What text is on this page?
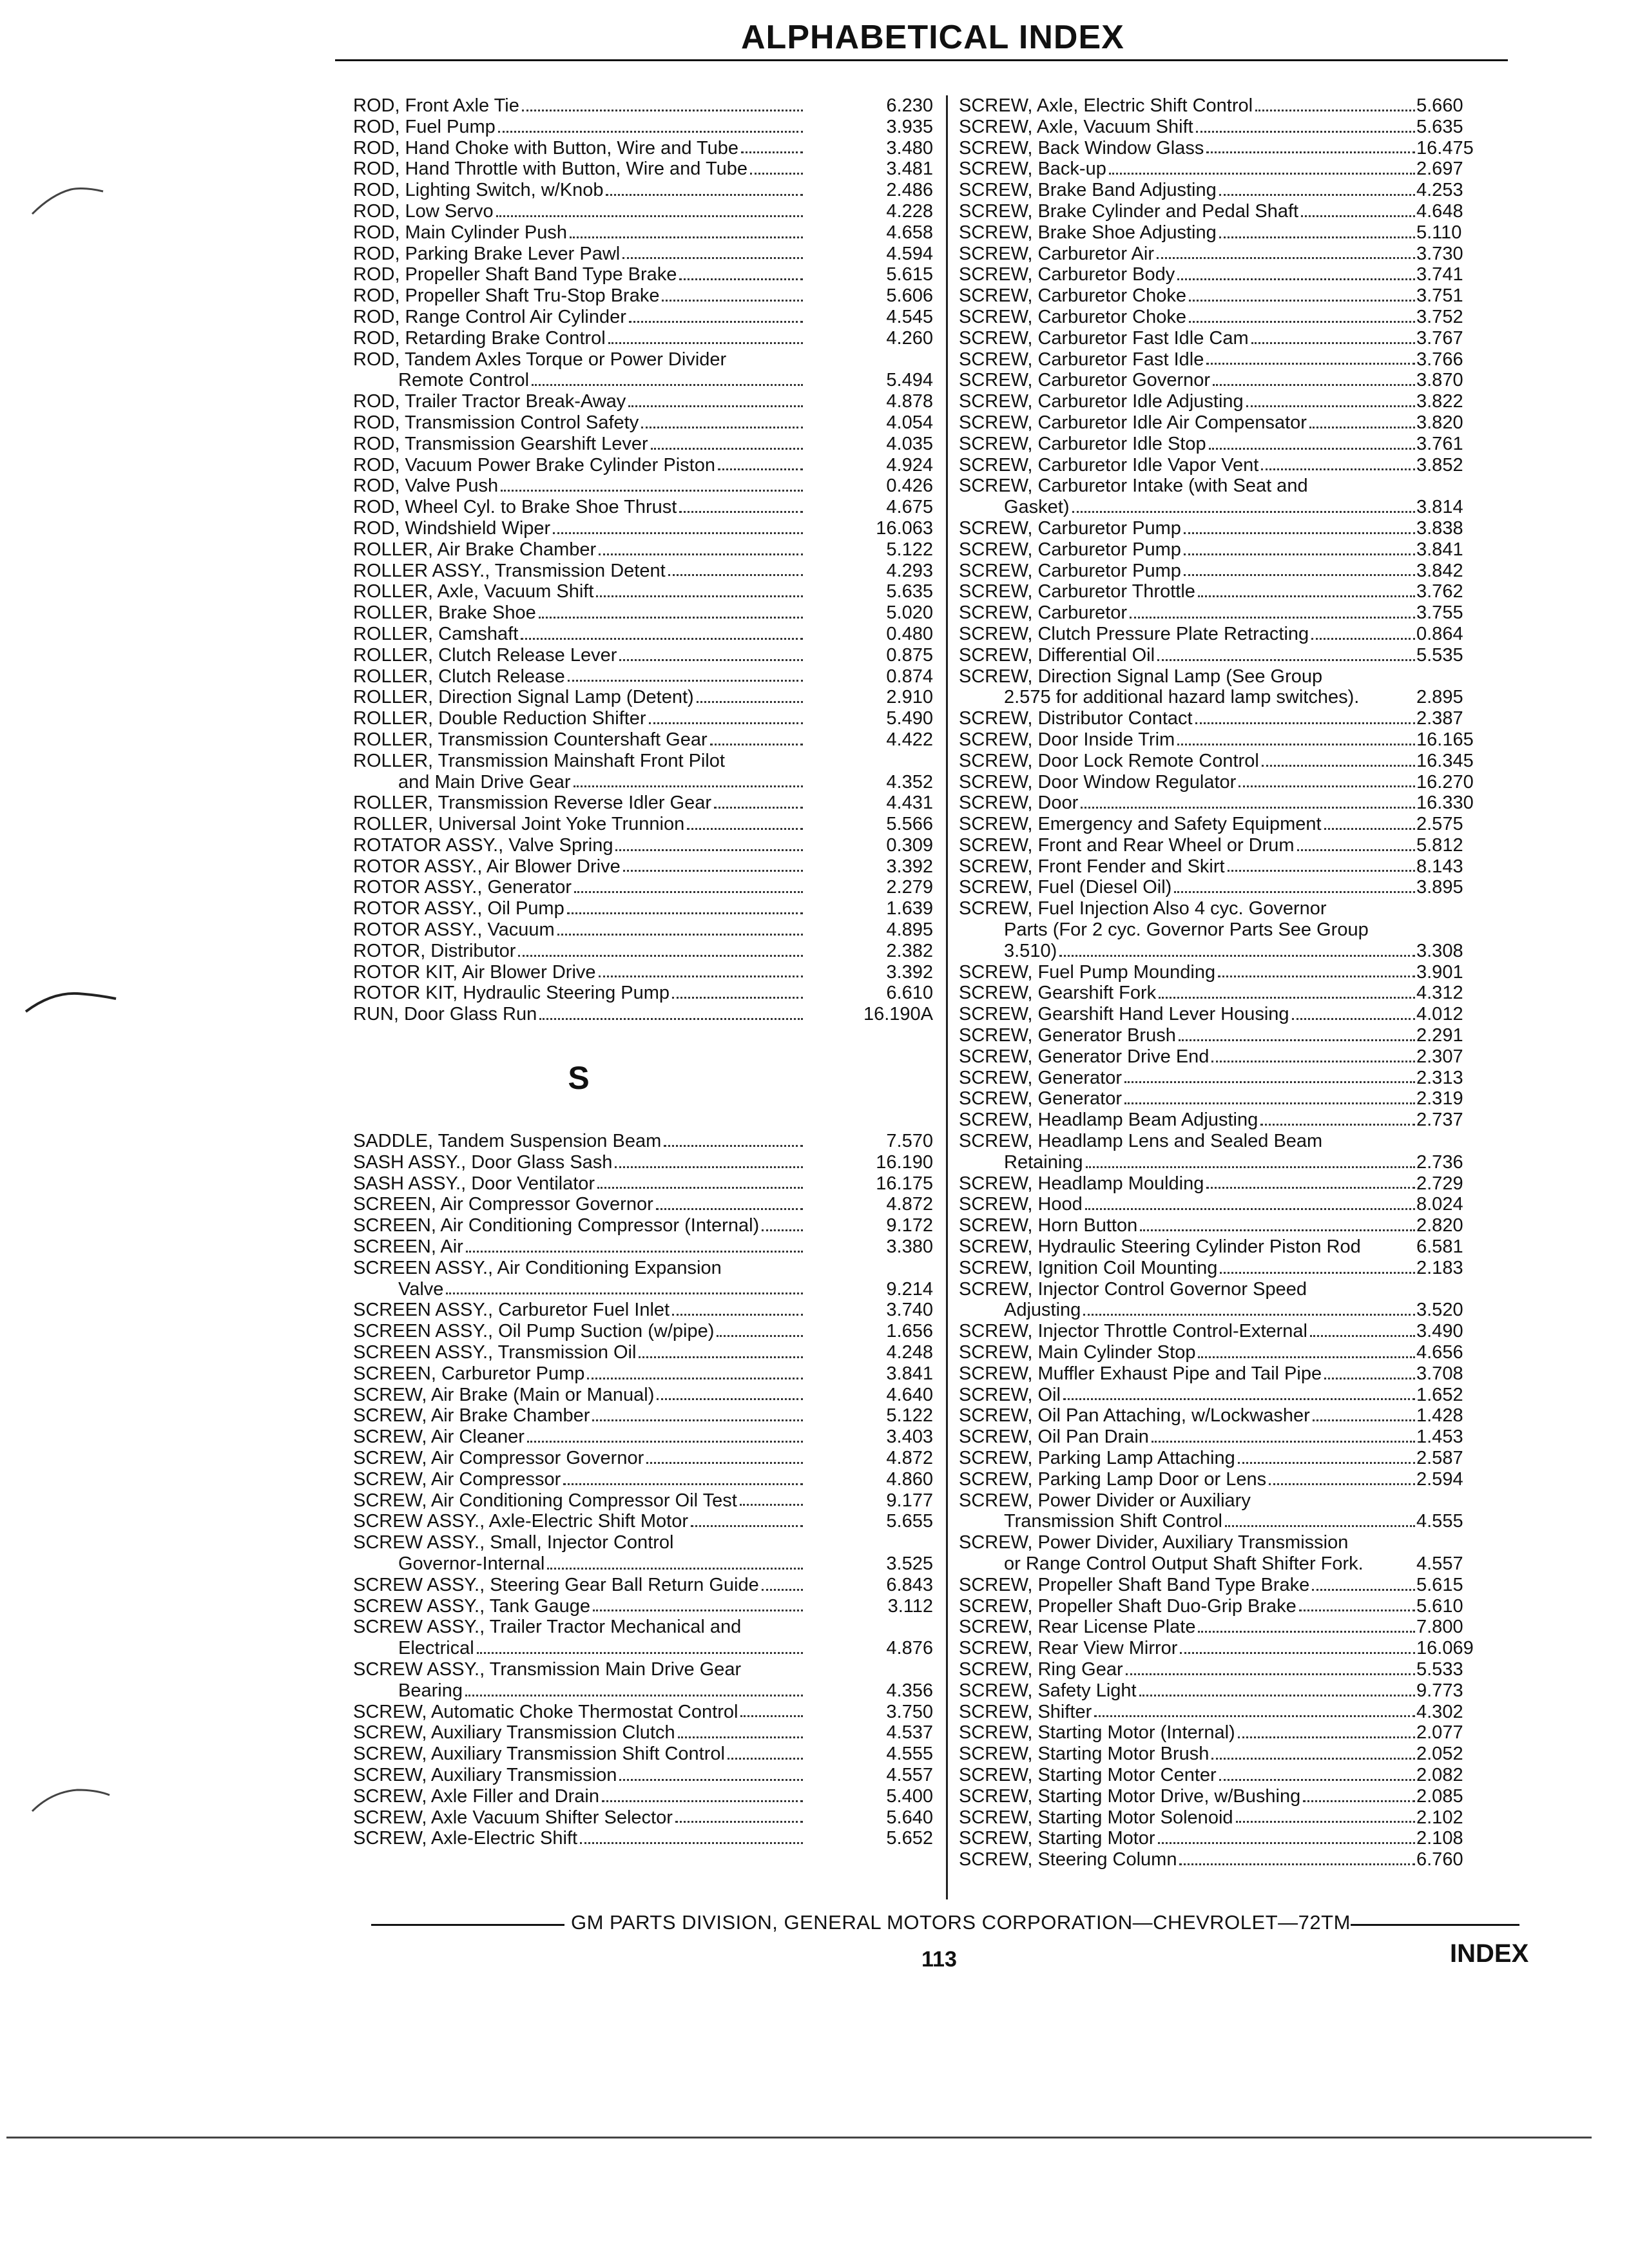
ALPHABETICAL INDEX
ROD, Front Axle Tie	6.230
ROD, Fuel Pump	3.935
ROD, Hand Choke with Button, Wire and Tube	3.480
ROD, Hand Throttle with Button, Wire and Tube	3.481
ROD, Lighting Switch, w/Knob	2.486
ROD, Low Servo	4.228
ROD, Main Cylinder Push	4.658
ROD, Parking Brake Lever Pawl	4.594
ROD, Propeller Shaft Band Type Brake	5.615
ROD, Propeller Shaft Tru-Stop Brake	5.606
ROD, Range Control Air Cylinder	4.545
ROD, Retarding Brake Control	4.260
ROD, Tandem Axles Torque or Power Divider
Remote Control	5.494
ROD, Trailer Tractor Break-Away	4.878
ROD, Transmission Control Safety	4.054
ROD, Transmission Gearshift Lever	4.035
ROD, Vacuum Power Brake Cylinder Piston	4.924
ROD, Valve Push	0.426
ROD, Wheel Cyl. to Brake Shoe Thrust	4.675
ROD, Windshield Wiper	16.063
ROLLER, Air Brake Chamber	5.122
ROLLER ASSY., Transmission Detent	4.293
ROLLER, Axle, Vacuum Shift	5.635
ROLLER, Brake Shoe	5.020
ROLLER, Camshaft	0.480
ROLLER, Clutch Release Lever	0.875
ROLLER, Clutch Release	0.874
ROLLER, Direction Signal Lamp (Detent)	2.910
ROLLER, Double Reduction Shifter	5.490
ROLLER, Transmission Countershaft Gear	4.422
ROLLER, Transmission Mainshaft Front Pilot
and Main Drive Gear	4.352
ROLLER, Transmission Reverse Idler Gear	4.431
ROLLER, Universal Joint Yoke Trunnion	5.566
ROTATOR ASSY., Valve Spring	0.309
ROTOR ASSY., Air Blower Drive	3.392
ROTOR ASSY., Generator	2.279
ROTOR ASSY., Oil Pump	1.639
ROTOR ASSY., Vacuum	4.895
ROTOR, Distributor	2.382
ROTOR KIT, Air Blower Drive	3.392
ROTOR KIT, Hydraulic Steering Pump	6.610
RUN, Door Glass Run	16.190A
S
SADDLE, Tandem Suspension Beam	7.570
SASH ASSY., Door Glass Sash	16.190
SASH ASSY., Door Ventilator	16.175
SCREEN, Air Compressor Governor	4.872
SCREEN, Air Conditioning Compressor (Internal)	9.172
SCREEN, Air	3.380
SCREEN ASSY., Air Conditioning Expansion
Valve	9.214
SCREEN ASSY., Carburetor Fuel Inlet	3.740
SCREEN ASSY., Oil Pump Suction (w/pipe)	1.656
SCREEN ASSY., Transmission Oil	4.248
SCREEN, Carburetor Pump	3.841
SCREW, Air Brake (Main or Manual)	4.640
SCREW, Air Brake Chamber	5.122
SCREW, Air Cleaner	3.403
SCREW, Air Compressor Governor	4.872
SCREW, Air Compressor	4.860
SCREW, Air Conditioning Compressor Oil Test	9.177
SCREW ASSY., Axle-Electric Shift Motor	5.655
SCREW ASSY., Small, Injector Control
Governor-Internal	3.525
SCREW ASSY., Steering Gear Ball Return Guide	6.843
SCREW ASSY., Tank Gauge	3.112
SCREW ASSY., Trailer Tractor Mechanical and
Electrical	4.876
SCREW ASSY., Transmission Main Drive Gear
Bearing	4.356
SCREW, Automatic Choke Thermostat Control	3.750
SCREW, Auxiliary Transmission Clutch	4.537
SCREW, Auxiliary Transmission Shift Control	4.555
SCREW, Auxiliary Transmission	4.557
SCREW, Axle Filler and Drain	5.400
SCREW, Axle Vacuum Shifter Selector	5.640
SCREW, Axle-Electric Shift	5.652
SCREW, Axle, Electric Shift Control	5.660
SCREW, Axle, Vacuum Shift	5.635
SCREW, Back Window Glass	16.475
SCREW, Back-up	2.697
SCREW, Brake Band Adjusting	4.253
SCREW, Brake Cylinder and Pedal Shaft	4.648
SCREW, Brake Shoe Adjusting	5.110
SCREW, Carburetor Air	3.730
SCREW, Carburetor Body	3.741
SCREW, Carburetor Choke	3.751
SCREW, Carburetor Choke	3.752
SCREW, Carburetor Fast Idle Cam	3.767
SCREW, Carburetor Fast Idle	3.766
SCREW, Carburetor Governor	3.870
SCREW, Carburetor Idle Adjusting	3.822
SCREW, Carburetor Idle Air Compensator	3.820
SCREW, Carburetor Idle Stop	3.761
SCREW, Carburetor Idle Vapor Vent	3.852
SCREW, Carburetor Intake (with Seat and
Gasket)	3.814
SCREW, Carburetor Pump	3.838
SCREW, Carburetor Pump	3.841
SCREW, Carburetor Pump	3.842
SCREW, Carburetor Throttle	3.762
SCREW, Carburetor	3.755
SCREW, Clutch Pressure Plate Retracting	0.864
SCREW, Differential Oil	5.535
SCREW, Direction Signal Lamp (See Group
2.575 for additional hazard lamp switches).	2.895
SCREW, Distributor Contact	2.387
SCREW, Door Inside Trim	16.165
SCREW, Door Lock Remote Control	16.345
SCREW, Door Window Regulator	16.270
SCREW, Door	16.330
SCREW, Emergency and Safety Equipment	2.575
SCREW, Front and Rear Wheel or Drum	5.812
SCREW, Front Fender and Skirt	8.143
SCREW, Fuel (Diesel Oil)	3.895
SCREW, Fuel Injection Also 4 cyc. Governor
Parts (For 2 cyc. Governor Parts See Group
3.510)	3.308
SCREW, Fuel Pump Mounding	3.901
SCREW, Gearshift Fork	4.312
SCREW, Gearshift Hand Lever Housing	4.012
SCREW, Generator Brush	2.291
SCREW, Generator Drive End	2.307
SCREW, Generator	2.313
SCREW, Generator	2.319
SCREW, Headlamp Beam Adjusting	2.737
SCREW, Headlamp Lens and Sealed Beam
Retaining	2.736
SCREW, Headlamp Moulding	2.729
SCREW, Hood	8.024
SCREW, Horn Button	2.820
SCREW, Hydraulic Steering Cylinder Piston Rod	6.581
SCREW, Ignition Coil Mounting	2.183
SCREW, Injector Control Governor Speed
Adjusting	3.520
SCREW, Injector Throttle Control-External	3.490
SCREW, Main Cylinder Stop	4.656
SCREW, Muffler Exhaust Pipe and Tail Pipe	3.708
SCREW, Oil	1.652
SCREW, Oil Pan Attaching, w/Lockwasher	1.428
SCREW, Oil Pan Drain	1.453
SCREW, Parking Lamp Attaching	2.587
SCREW, Parking Lamp Door or Lens	2.594
SCREW, Power Divider or Auxiliary
Transmission Shift Control	4.555
SCREW, Power Divider, Auxiliary Transmission
or Range Control Output Shaft Shifter Fork.	4.557
SCREW, Propeller Shaft Band Type Brake	5.615
SCREW, Propeller Shaft Duo-Grip Brake	5.610
SCREW, Rear License Plate	7.800
SCREW, Rear View Mirror	16.069
SCREW, Ring Gear	5.533
SCREW, Safety Light	9.773
SCREW, Shifter	4.302
SCREW, Starting Motor (Internal)	2.077
SCREW, Starting Motor Brush	2.052
SCREW, Starting Motor Center	2.082
SCREW, Starting Motor Drive, w/Bushing	2.085
SCREW, Starting Motor Solenoid	2.102
SCREW, Starting Motor	2.108
SCREW, Steering Column	6.760
GM PARTS DIVISION, GENERAL MOTORS CORPORATION—CHEVROLET—72TM
113	INDEX
